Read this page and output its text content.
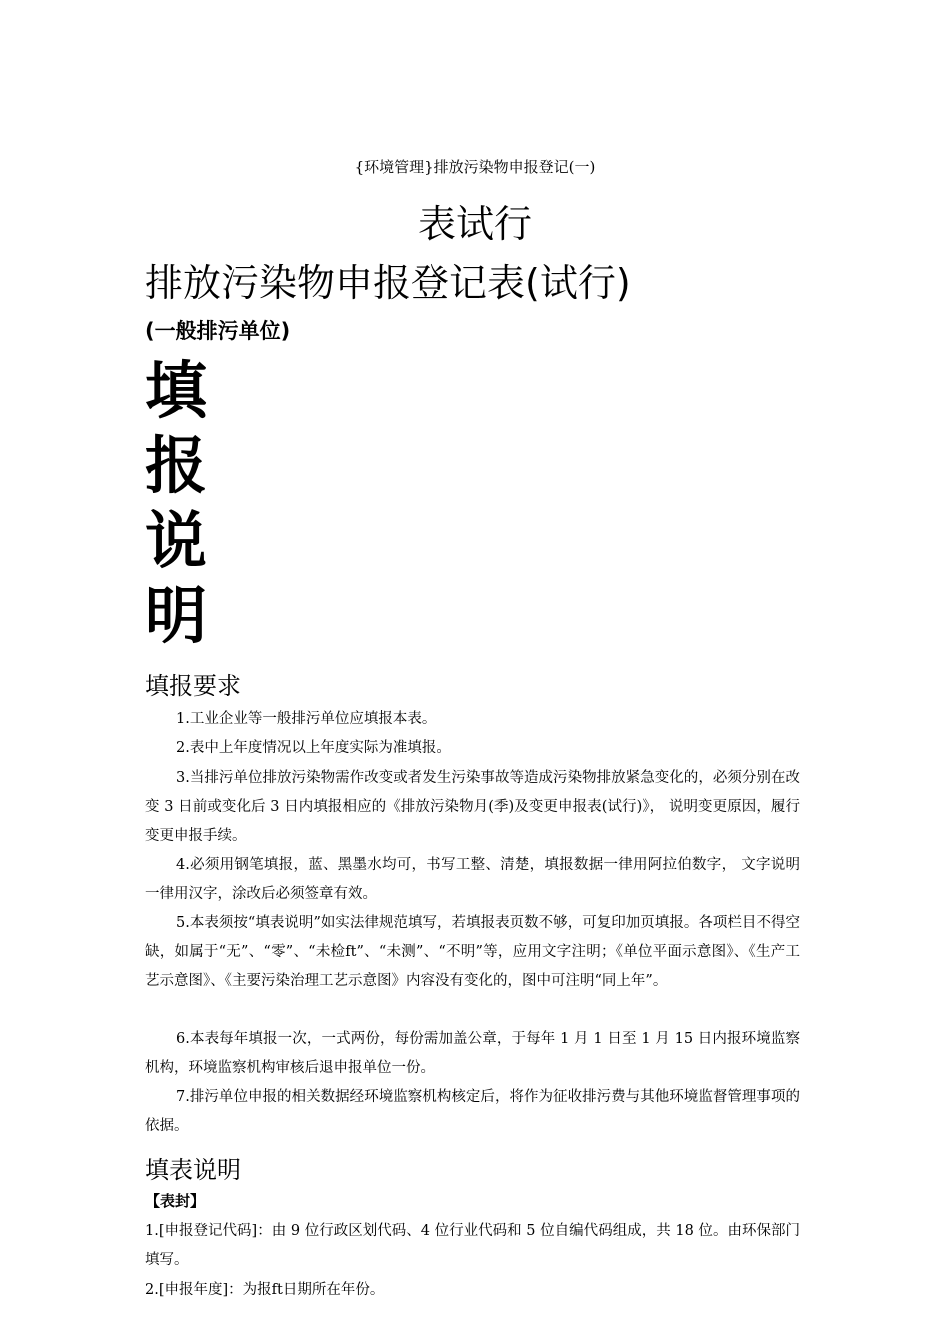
{环境管理}排放污染物申报登记(一)
表试行
排放污染物申报登记表(试行)
(一般排污单位)
填
报
说
明
填报要求
1.工业企业等一般排污单位应填报本表。
2.表中上年度情况以上年度实际为准填报。
3.当排污单位排放污染物需作改变或者发生污染事故等造成污染物排放紧急变化的，必须分别在改变 3 日前或变化后 3 日内填报相应的《排放污染物月(季)及变更申报表(试行)》， 说明变更原因，履行变更申报手续。
4.必须用钢笔填报，蓝、黑墨水均可，书写工整、清楚，填报数据一律用阿拉伯数字， 文字说明一律用汉字，涂改后必须签章有效。
5.本表须按“填表说明”如实法律规范填写，若填报表页数不够，可复印加页填报。各项栏目不得空缺，如属于“无”、“零”、“未检ft”、“未测”、“不明”等，应用文字注明；《单位平面示意图》、《生产工艺示意图》、《主要污染治理工艺示意图》内容没有变化的，图中可注明“同上年”。
6.本表每年填报一次，一式两份，每份需加盖公章，于每年 1 月 1 日至 1 月 15 日内报环境监察机构，环境监察机构审核后退申报单位一份。
7.排污单位申报的相关数据经环境监察机构核定后，将作为征收排污费与其他环境监督管理事项的依据。
填表说明
【表封】
1.[申报登记代码]：由 9 位行政区划代码、4 位行业代码和 5 位自编代码组成，共 18 位。由环保部门填写。
2.[申报年度]：为报ft日期所在年份。
